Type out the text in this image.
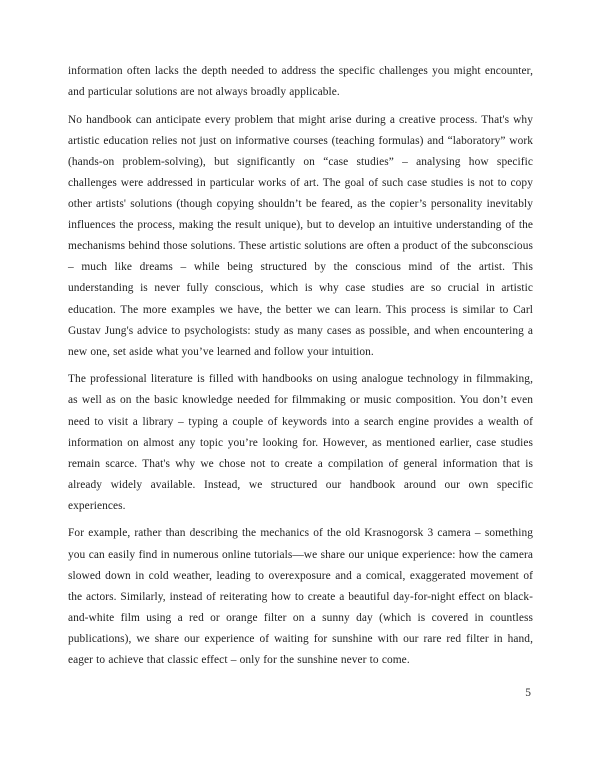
information often lacks the depth needed to address the specific challenges you might encounter, and particular solutions are not always broadly applicable.

No handbook can anticipate every problem that might arise during a creative process. That's why artistic education relies not just on informative courses (teaching formulas) and “laboratory” work (hands-on problem-solving), but significantly on “case studies” – analysing how specific challenges were addressed in particular works of art. The goal of such case studies is not to copy other artists' solutions (though copying shouldn’t be feared, as the copier’s personality inevitably influences the process, making the result unique), but to develop an intuitive understanding of the mechanisms behind those solutions. These artistic solutions are often a product of the subconscious – much like dreams – while being structured by the conscious mind of the artist. This understanding is never fully conscious, which is why case studies are so crucial in artistic education. The more examples we have, the better we can learn. This process is similar to Carl Gustav Jung's advice to psychologists: study as many cases as possible, and when encountering a new one, set aside what you’ve learned and follow your intuition.

The professional literature is filled with handbooks on using analogue technology in filmmaking, as well as on the basic knowledge needed for filmmaking or music composition. You don’t even need to visit a library – typing a couple of keywords into a search engine provides a wealth of information on almost any topic you’re looking for. However, as mentioned earlier, case studies remain scarce. That's why we chose not to create a compilation of general information that is already widely available. Instead, we structured our handbook around our own specific experiences.

For example, rather than describing the mechanics of the old Krasnogorsk 3 camera – something you can easily find in numerous online tutorials—we share our unique experience: how the camera slowed down in cold weather, leading to overexposure and a comical, exaggerated movement of the actors. Similarly, instead of reiterating how to create a beautiful day-for-night effect on black-and-white film using a red or orange filter on a sunny day (which is covered in countless publications), we share our experience of waiting for sunshine with our rare red filter in hand, eager to achieve that classic effect – only for the sunshine never to come.

5
